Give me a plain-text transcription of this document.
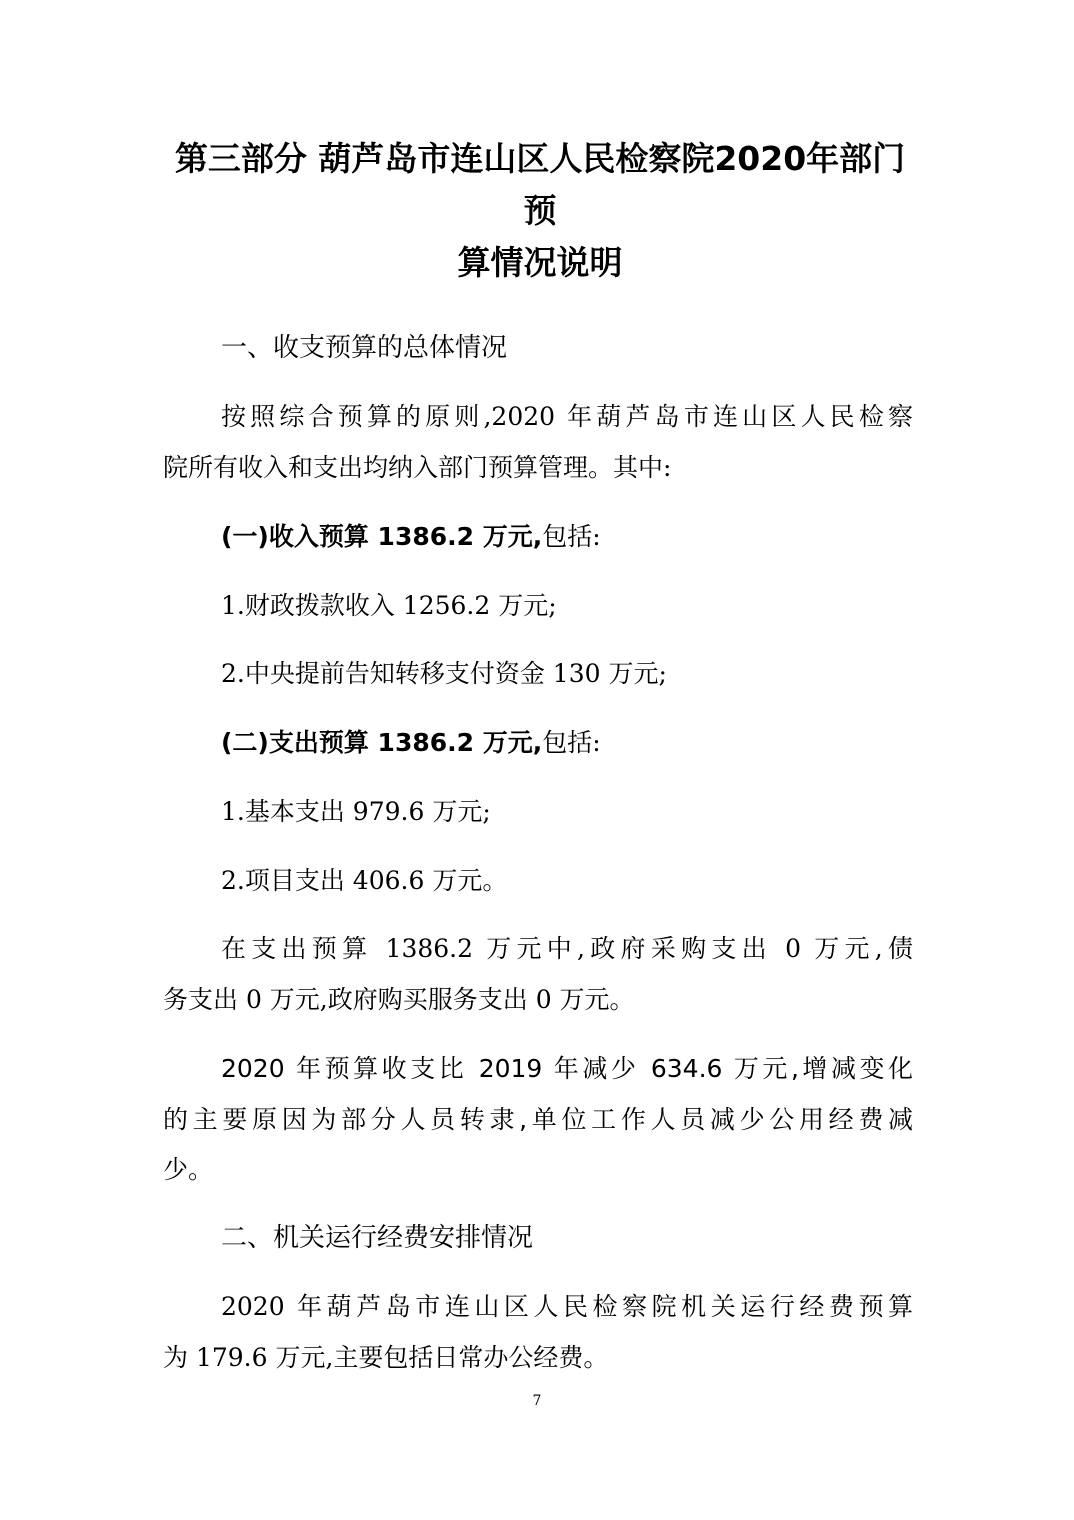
第三部分 葫芦岛市连山区人民检察院2020年部门预
算情况说明

一、收支预算的总体情况

按照综合预算的原则,2020 年葫芦岛市连山区人民检察

院所有收入和支出均纳入部门预算管理。其中:

(一)收入预算 1386.2 万元,包括:

1.财政拨款收入 1256.2 万元;

2.中央提前告知转移支付资金 130 万元;

(二)支出预算 1386.2 万元,包括:

1.基本支出 979.6 万元;

2.项目支出 406.6 万元。

在支出预算 1386.2 万元中,政府采购支出 0 万元,债

务支出 0 万元,政府购买服务支出 0 万元。

2020 年预算收支比 2019 年减少 634.6 万元,增减变化

的主要原因为部分人员转隶,单位工作人员减少公用经费减

少。

二、机关运行经费安排情况

2020 年葫芦岛市连山区人民检察院机关运行经费预算

为 179.6 万元,主要包括日常办公经费。

7
